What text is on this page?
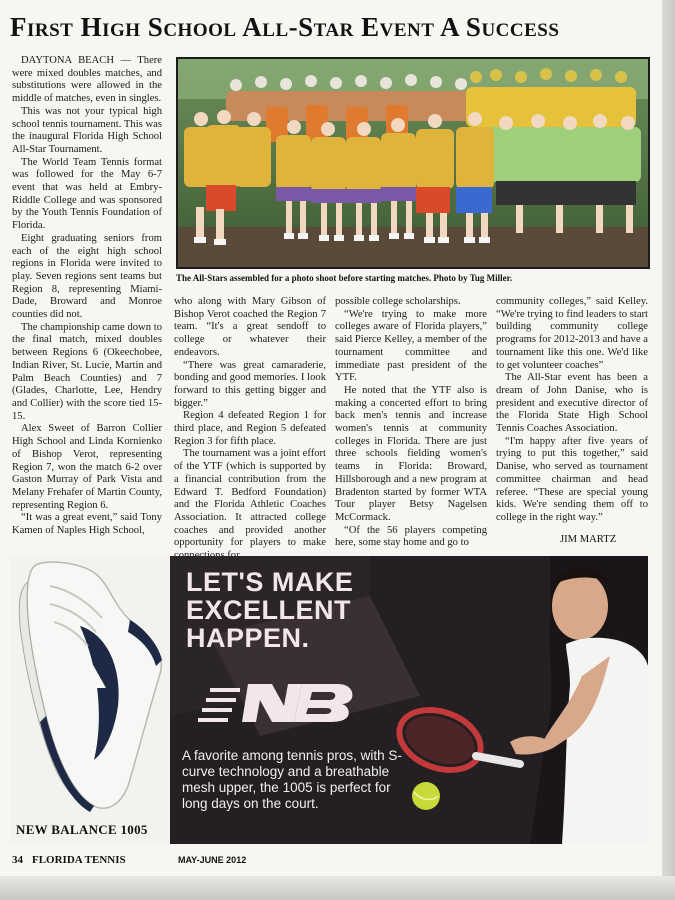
First High School All-Star Event A Success

DAYTONA BEACH — There were mixed doubles matches, and substitutions were allowed in the middle of matches, even in singles.

This was not your typical high school tennis tournament. This was the inaugural Florida High School All-Star Tournament.

The World Team Tennis format was followed for the May 6-7 event that was held at Embry-Riddle College and was sponsored by the Youth Tennis Foundation of Florida.

Eight graduating seniors from each of the eight high school regions in Florida were invited to play. Seven regions sent teams but Region 8, representing Miami-Dade, Broward and Monroe counties did not.

The championship came down to the final match, mixed doubles between Regions 6 (Okeechobee, Indian River, St. Lucie, Martin and Palm Beach Counties) and 7 (Glades, Charlotte, Lee, Hendry and Collier) with the score tied 15-15.

Alex Sweet of Barron Collier High School and Linda Kornienko of Bishop Verot, representing Region 7, won the match 6-2 over Gaston Murray of Park Vista and Melany Frehafer of Martin County, representing Region 6.

“It was a great event,” said Tony Kamen of Naples High School,

The All-Stars assembled for a photo shoot before starting matches. Photo by Tug Miller.

who along with Mary Gibson of Bishop Verot coached the Region 7 team. “It's a great sendoff to college or whatever their endeavors.

“There was great camaraderie, bonding and good memories. I look forward to this getting bigger and bigger.”

Region 4 defeated Region 1 for third place, and Region 5 defeated Region 3 for fifth place.

The tournament was a joint effort of the YTF (which is supported by a financial contribution from the Edward T. Bedford Foundation) and the Florida Athletic Coaches Association. It attracted college coaches and provided another opportunity for players to make

possible college scholarships.

“We're trying to make more colleges aware of Florida players,” said Pierce Kelley, a member of the tournament committee and immediate past president of the YTF.

He noted that the YTF also is making a concerted effort to bring back men's tennis and increase women's tennis at community colleges in Florida. There are just three schools fielding women's teams in Florida: Broward, Hillsborough and a new program at Bradenton started by former WTA Tour player Betsy Nagelsen McCormack.

“Of the 56 players competing here, some stay home and go to

community colleges,” said Kelley. “We're trying to find leaders to start building community college programs for 2012-2013 and have a tournament like this one. We'd like to get volunteer coaches”

The All-Star event has been a dream of John Danise, who is president and executive director of the Florida State High School Tennis Coaches Association.

“I'm happy after five years of trying to put this together,” said Danise, who served as tournament committee chairman and head referee. “These are special young kids. We're sending them off to college in the right way.”

JIM MARTZ
NEW BALANCE 1005
LET'S MAKE
EXCELLENT
HAPPEN.
A favorite among tennis pros, with S-curve technology and a breathable mesh upper, the 1005 is perfect for long days on the court.
34 FLORIDA TENNIS	MAY-JUNE 2012
